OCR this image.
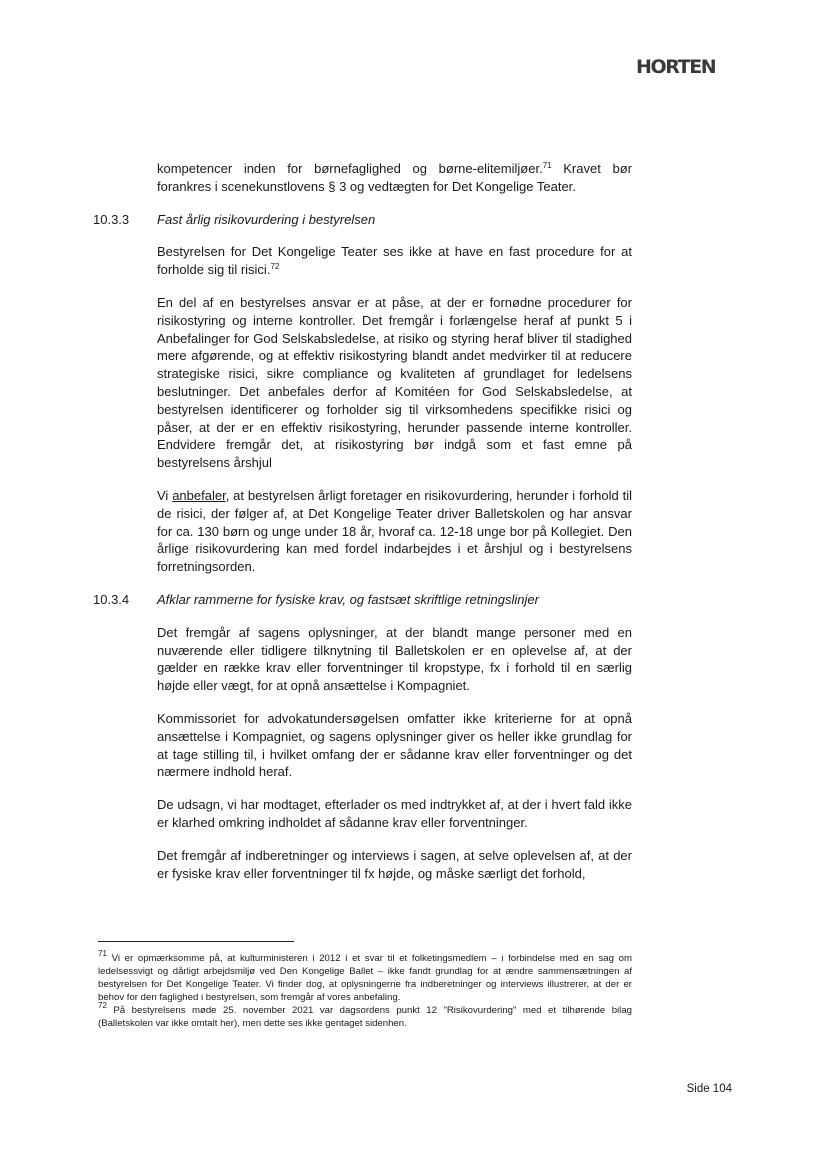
HORTEN

kompetencer inden for børnefaglighed og børne-elitemiljøer.$^{71}$ Kravet bør forankres i scenekunstlovens § 3 og vedtægten for Det Kongelige Teater.

10.3.3 Fast årlig risikovurdering i bestyrelsen

Bestyrelsen for Det Kongelige Teater ses ikke at have en fast procedure for at forholde sig til risici.$^{72}$

En del af en bestyrelses ansvar er at påse, at der er fornødne procedurer for risikostyring og interne kontroller. Det fremgår i forlængelse heraf af punkt 5 i Anbefalinger for God Selskabsledelse, at risiko og styring heraf bliver til stadighed mere afgørende, og at effektiv risikostyring blandt andet medvirker til at reducere strategiske risici, sikre compliance og kvaliteten af grundlaget for ledelsens beslutninger. Det anbefales derfor af Komitéen for God Selskabsledelse, at bestyrelsen identificerer og forholder sig til virksomhedens specifikke risici og påser, at der er en effektiv risikostyring, herunder passende interne kontroller. Endvidere fremgår det, at risikostyring bør indgå som et fast emne på bestyrelsens årshjul

Vi anbefaler, at bestyrelsen årligt foretager en risikovurdering, herunder i forhold til de risici, der følger af, at Det Kongelige Teater driver Balletskolen og har ansvar for ca. 130 børn og unge under 18 år, hvoraf ca. 12-18 unge bor på Kollegiet. Den årlige risikovurdering kan med fordel indarbejdes i et årshjul og i bestyrelsens forretningsorden.

10.3.4 Afklar rammerne for fysiske krav, og fastsæt skriftlige retningslinjer

Det fremgår af sagens oplysninger, at der blandt mange personer med en nuværende eller tidligere tilknytning til Balletskolen er en oplevelse af, at der gælder en række krav eller forventninger til kropstype, fx i forhold til en særlig højde eller vægt, for at opnå ansættelse i Kompagniet.

Kommissoriet for advokatundersøgelsen omfatter ikke kriterierne for at opnå ansættelse i Kompagniet, og sagens oplysninger giver os heller ikke grundlag for at tage stilling til, i hvilket omfang der er sådanne krav eller forventninger og det nærmere indhold heraf.

De udsagn, vi har modtaget, efterlader os med indtrykket af, at der i hvert fald ikke er klarhed omkring indholdet af sådanne krav eller forventninger.

Det fremgår af indberetninger og interviews i sagen, at selve oplevelsen af, at der er fysiske krav eller forventninger til fx højde, og måske særligt det forhold,

$^{71}$ Vi er opmærksomme på, at kulturministeren i 2012 i et svar til et folketingsmedlem – i forbindelse med en sag om ledelsessvigt og dårligt arbejdsmiljø ved Den Kongelige Ballet – ikke fandt grundlag for at ændre sammensætningen af bestyrelsen for Det Kongelige Teater. Vi finder dog, at oplysningerne fra indberetninger og interviews illustrerer, at der er behov for den faglighed i bestyrelsen, som fremgår af vores anbefaling.

$^{72}$ På bestyrelsens møde 25. november 2021 var dagsordens punkt 12 "Risikovurdering" med et tilhørende bilag (Balletskolen var ikke omtalt her), men dette ses ikke gentaget sidenhen.

Side 104
